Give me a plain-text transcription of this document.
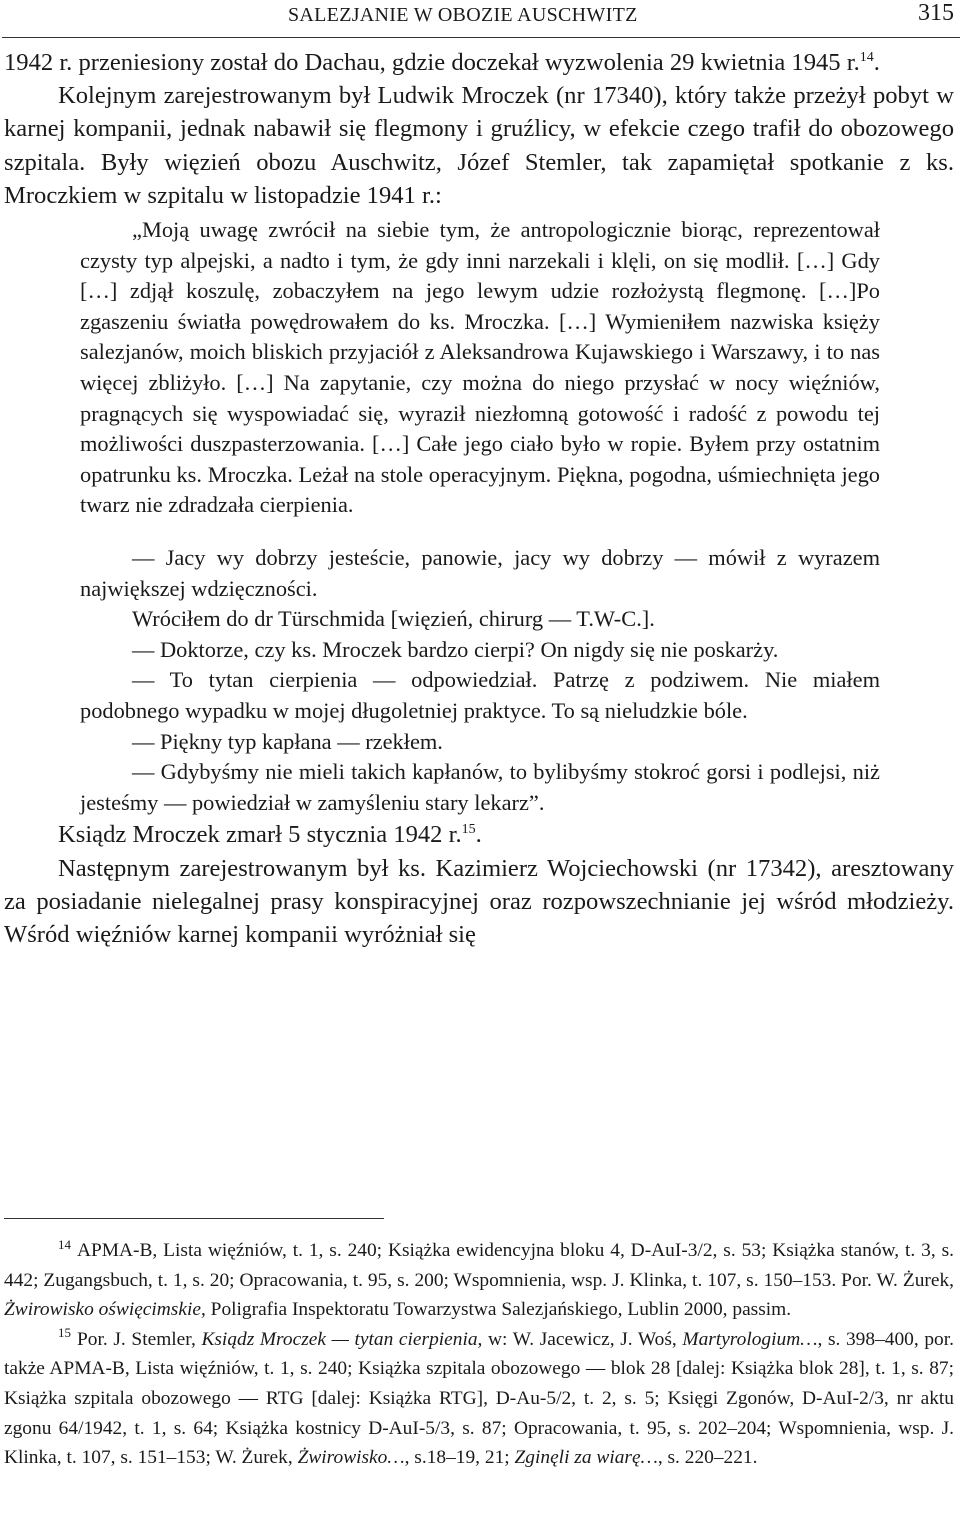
SALEZJANIE W OBOZIE AUSCHWITZ	315

1942 r. przeniesiony został do Dachau, gdzie doczekał wyzwolenia 29 kwietnia 1945 r.$^{14}$.

Kolejnym zarejestrowanym był Ludwik Mroczek (nr 17340), który także przeżył pobyt w karnej kompanii, jednak nabawił się flegmony i gruźlicy, w efekcie czego trafił do obozowego szpitala. Były więzień obozu Auschwitz, Józef Stemler, tak zapamiętał spotkanie z ks. Mroczkiem w szpitalu w listopadzie 1941 r.:

„Moją uwagę zwrócił na siebie tym, że antropologicznie biorąc, reprezentował czysty typ alpejski, a nadto i tym, że gdy inni narzekali i klęli, on się modlił. […] Gdy […] zdjął koszulę, zobaczyłem na jego lewym udzie rozłożystą flegmonę. […]Po zgaszeniu światła powędrowałem do ks. Mroczka. […] Wymieniłem nazwiska księży salezjanów, moich bliskich przyjaciół z Aleksandrowa Kujawskiego i Warszawy, i to nas więcej zbliżyło. […] Na zapytanie, czy można do niego przysłać w nocy więźniów, pragnących się wyspowiadać się, wyraził niezłomną gotowość i radość z powodu tej możliwości duszpasterzowania. […] Całe jego ciało było w ropie. Byłem przy ostatnim opatrunku ks. Mroczka. Leżał na stole operacyjnym. Piękna, pogodna, uśmiechnięta jego twarz nie zdradzała cierpienia.

— Jacy wy dobrzy jesteście, panowie, jacy wy dobrzy — mówił z wyrazem największej wdzięczności.

Wróciłem do dr Türschmida [więzień, chirurg — T.W-C.].

— Doktorze, czy ks. Mroczek bardzo cierpi? On nigdy się nie poskarży.

— To tytan cierpienia — odpowiedział. Patrzę z podziwem. Nie miałem podobnego wypadku w mojej długoletniej praktyce. To są nieludzkie bóle.

— Piękny typ kapłana — rzekłem.

— Gdybyśmy nie mieli takich kapłanów, to bylibyśmy stokroć gorsi i podlejsi, niż jesteśmy — powiedział w zamyśleniu stary lekarz”.

Ksiądz Mroczek zmarł 5 stycznia 1942 r.$^{15}$.

Następnym zarejestrowanym był ks. Kazimierz Wojciechowski (nr 17342), aresztowany za posiadanie nielegalnej prasy konspiracyjnej oraz rozpowszechnianie jej wśród młodzieży. Wśród więźniów karnej kompanii wyróżniał się

$^{14}$ APMA-B, Lista więźniów, t. 1, s. 240; Książka ewidencyjna bloku 4, D-AuI-3/2, s. 53; Książka stanów, t. 3, s. 442; Zugangsbuch, t. 1, s. 20; Opracowania, t. 95, s. 200; Wspomnienia, wsp. J. Klinka, t. 107, s. 150–153. Por. W. Żurek, Żwirowisko oświęcimskie, Poligrafia Inspektoratu Towarzystwa Salezjańskiego, Lublin 2000, passim.

$^{15}$ Por. J. Stemler, Ksiądz Mroczek — tytan cierpienia, w: W. Jacewicz, J. Woś, Martyrologium…, s. 398–400, por. także APMA-B, Lista więźniów, t. 1, s. 240; Książka szpitala obozowego — blok 28 [dalej: Książka blok 28], t. 1, s. 87; Książka szpitala obozowego — RTG [dalej: Książka RTG], D-Au-5/2, t. 2, s. 5; Księgi Zgonów, D-AuI-2/3, nr aktu zgonu 64/1942, t. 1, s. 64; Książka kostnicy D-AuI-5/3, s. 87; Opracowania, t. 95, s. 202–204; Wspomnienia, wsp. J. Klinka, t. 107, s. 151–153; W. Żurek, Żwirowisko…, s.18–19, 21; Zginęli za wiarę…, s. 220–221.
